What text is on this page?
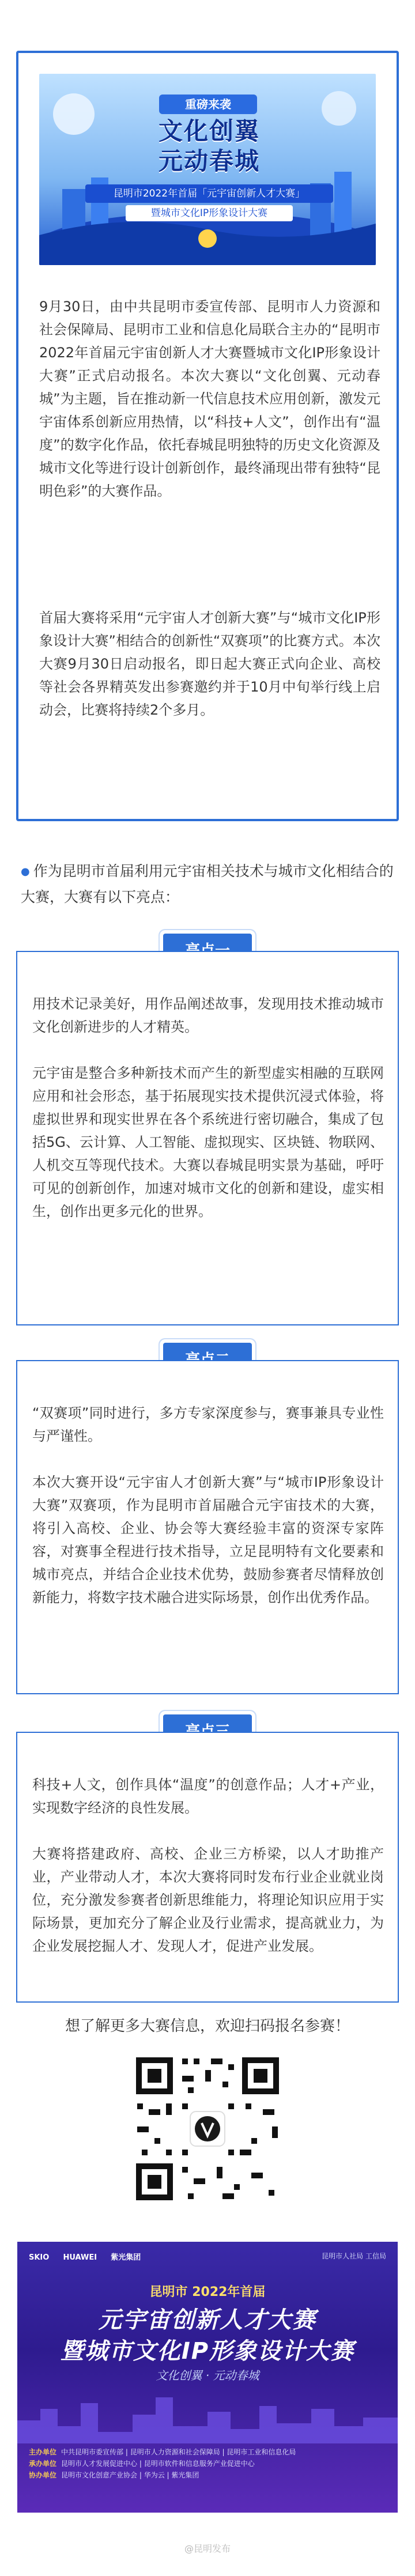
重磅来袭
文化创翼
元动春城
昆明市2022年首届「元宇宙创新人才大赛」
暨城市文化IP形象设计大赛

9月30日，由中共昆明市委宣传部、昆明市人力资源和社会保障局、昆明市工业和信息化局联合主办的“昆明市2022年首届元宇宙创新人才大赛暨城市文化IP形象设计大赛”正式启动报名。本次大赛以“文化创翼、元动春城”为主题，旨在推动新一代信息技术应用创新，激发元宇宙体系创新应用热情，以“科技+人文”，创作出有“温度”的数字化作品，依托春城昆明独特的历史文化资源及城市文化等进行设计创新创作，最终涌现出带有独特“昆明色彩”的大赛作品。

首届大赛将采用“元宇宙人才创新大赛”与“城市文化IP形象设计大赛”相结合的创新性“双赛项”的比赛方式。本次大赛9月30日启动报名，即日起大赛正式向企业、高校等社会各界精英发出参赛邀约并于10月中旬举行线上启动会，比赛将持续2个多月。

● 作为昆明市首届利用元宇宙相关技术与城市文化相结合的大赛，大赛有以下亮点：

用技术记录美好，用作品阐述故事，发现用技术推动城市文化创新进步的人才精英。

元宇宙是整合多种新技术而产生的新型虚实相融的互联网应用和社会形态，基于拓展现实技术提供沉浸式体验，将虚拟世界和现实世界在各个系统进行密切融合，集成了包括5G、云计算、人工智能、虚拟现实、区块链、物联网、人机交互等现代技术。大赛以春城昆明实景为基础，呼吁可见的创新创作，加速对城市文化的创新和建设，虚实相生，创作出更多元化的世界。

“双赛项”同时进行，多方专家深度参与，赛事兼具专业性与严谨性。

本次大赛开设“元宇宙人才创新大赛”与“城市IP形象设计大赛”双赛项，作为昆明市首届融合元宇宙技术的大赛，将引入高校、企业、协会等大赛经验丰富的资深专家阵容，对赛事全程进行技术指导，立足昆明特有文化要素和城市亮点，并结合企业技术优势，鼓励参赛者尽情释放创新能力，将数字技术融合进实际场景，创作出优秀作品。

科技+人文，创作具体“温度”的创意作品；人才+产业，实现数字经济的良性发展。

大赛将搭建政府、高校、企业三方桥梁，以人才助推产业，产业带动人才，本次大赛将同时发布行业企业就业岗位，充分激发参赛者创新思维能力，将理论知识应用于实际场景，更加充分了解企业及行业需求，提高就业力，为企业发展挖掘人才、发现人才，促进产业发展。

想了解更多大赛信息，欢迎扫码报名参赛！

SKIO HUAWEI 紫光集团	昆明市人社局 工信局
昆明市 2022年首届
元宇宙创新人才大赛
暨城市文化IP形象设计大赛
文化创翼 · 元动春城
主办单位 中共昆明市委宣传部 | 昆明市人力资源和社会保障局 | 昆明市工业和信息化局
承办单位 昆明市人才发展促进中心 | 昆明市软件和信息服务产业促进中心
协办单位 昆明市文化创意产业协会 | 华为云 | 紫光集团
@昆明发布
